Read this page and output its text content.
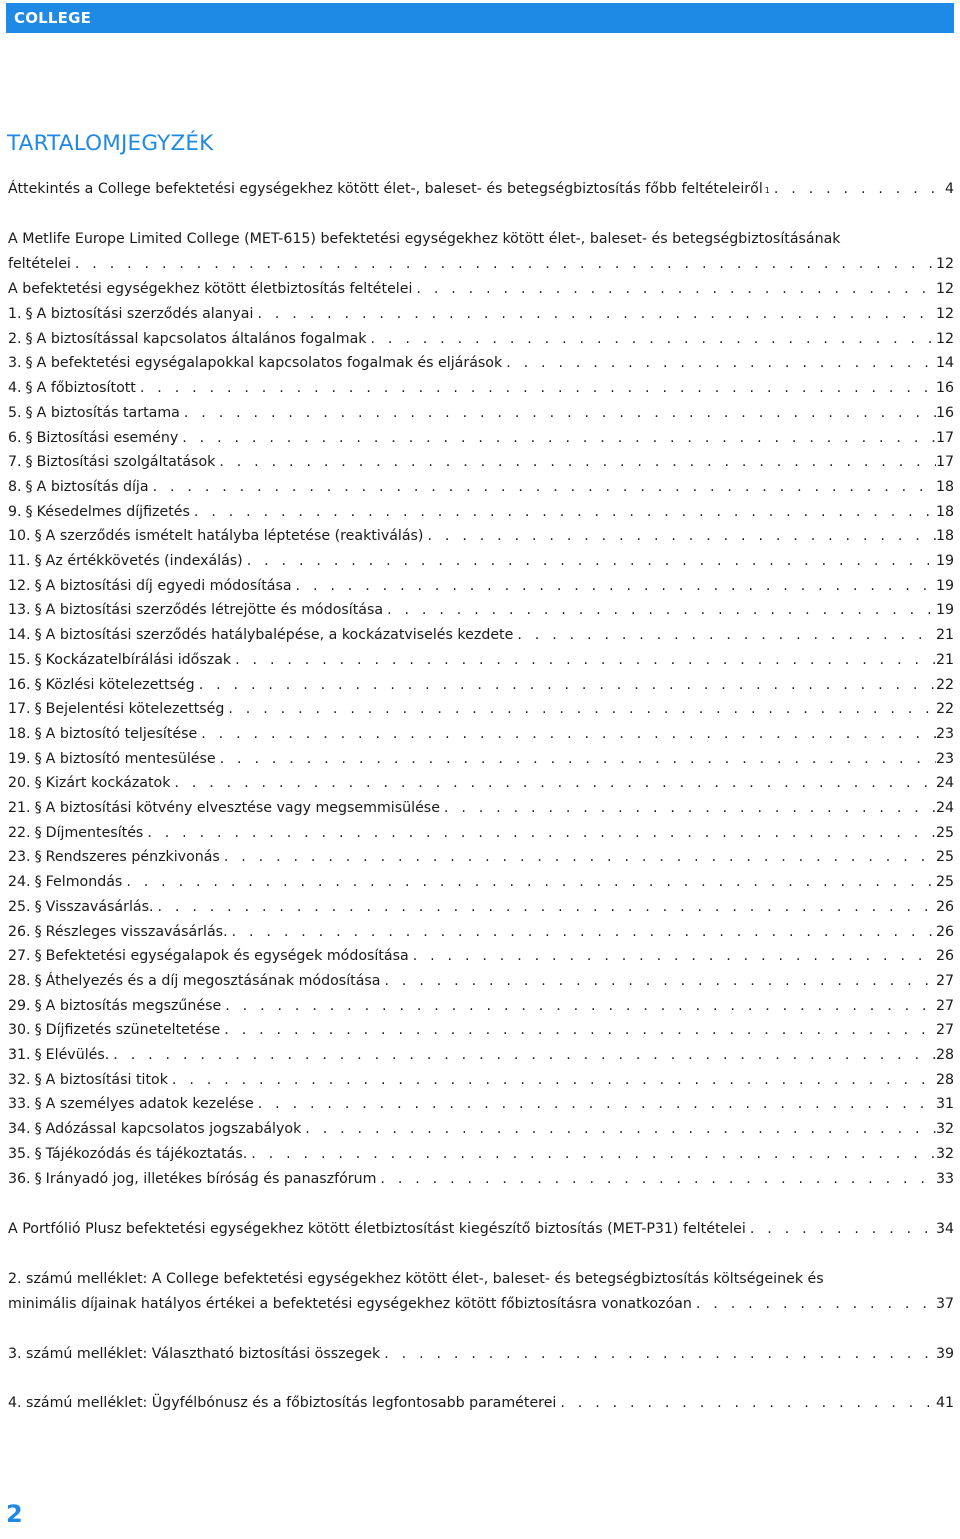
COLLEGE
TARTALOMJEGYZÉK
Áttekintés a College befektetési egységekhez kötött élet-, baleset- és betegségbiztosítás főbb feltételeiről 1 . . .	4
A Metlife Europe Limited College (MET-615) befektetési egységekhez kötött élet-, baleset- és betegségbiztosításának
feltételei . . .	12
A befektetési egységekhez kötött életbiztosítás feltételei . . .	12
1. § A biztosítási szerződés alanyai . . .	12
2. § A biztosítással kapcsolatos általános fogalmak . . .	12
3. § A befektetési egységalapokkal kapcsolatos fogalmak és eljárások . . .	14
4. § A főbiztosított . . .	16
5. § A biztosítás tartama . . .	16
6. § Biztosítási esemény . . .	17
7. § Biztosítási szolgáltatások . . .	17
8. § A biztosítás díja . . .	18
9. § Késedelmes díjfizetés . . .	18
10. § A szerződés ismételt hatályba léptetése (reaktiválás) . . .	18
11. § Az értékkövetés (indexálás) . . .	19
12. § A biztosítási díj egyedi módosítása . . .	19
13. § A biztosítási szerződés létrejötte és módosítása . . .	19
14. § A biztosítási szerződés hatálybalépése, a kockázatviselés kezdete . . .	21
15. § Kockázatelbírálási időszak . . .	21
16. § Közlési kötelezettség . . .	22
17. § Bejelentési kötelezettség . . .	22
18. § A biztosító teljesítése . . .	23
19. § A biztosító mentesülése . . .	23
20. § Kizárt kockázatok . . .	24
21. § A biztosítási kötvény elvesztése vagy megsemmisülése . . .	24
22. § Díjmentesítés . . .	25
23. § Rendszeres pénzkivonás . . .	25
24. § Felmondás . . .	25
25. § Visszavásárlás. . . .	26
26. § Részleges visszavásárlás. . . .	26
27. § Befektetési egységalapok és egységek módosítása . . .	26
28. § Áthelyezés és a díj megosztásának módosítása . . .	27
29. § A biztosítás megszűnése . . .	27
30. § Díjfizetés szüneteltetése . . .	27
31. § Elévülés. . . .	28
32. § A biztosítási titok . . .	28
33. § A személyes adatok kezelése . . .	31
34. § Adózással kapcsolatos jogszabályok . . .	32
35. § Tájékozódás és tájékoztatás. . . .	32
36. § Irányadó jog, illetékes bíróság és panaszfórum . . .	33
A Portfólió Plusz befektetési egységekhez kötött életbiztosítást kiegészítő biztosítás (MET-P31) feltételei . . .	34
2. számú melléklet: A College befektetési egységekhez kötött élet-, baleset- és betegségbiztosítás költségeinek és
minimális díjainak hatályos értékei a befektetési egységekhez kötött főbiztosításra vonatkozóan . . .	37
3. számú melléklet: Választható biztosítási összegek . . .	39
4. számú melléklet: Ügyfélbónusz és a főbiztosítás legfontosabb paraméterei . . .	41
2
